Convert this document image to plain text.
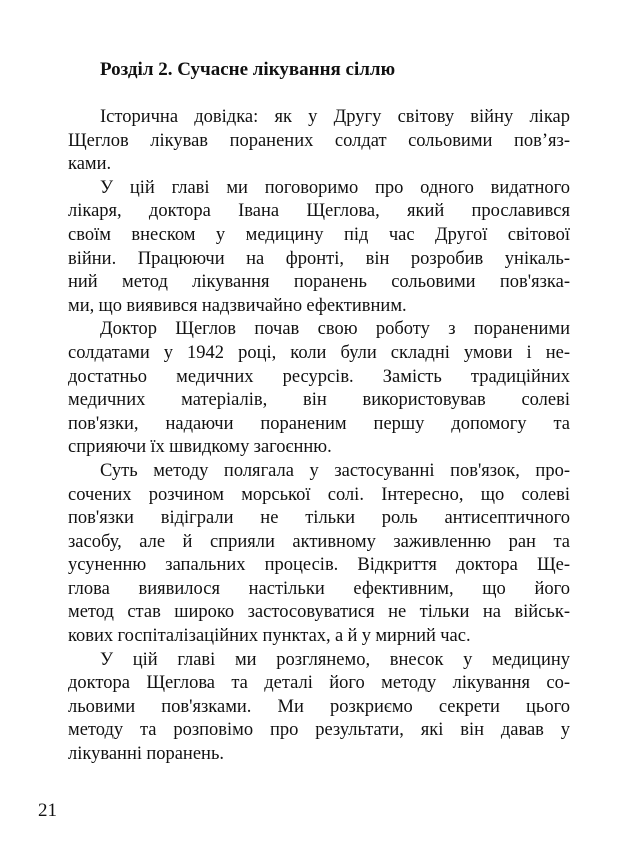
Розділ 2. Сучасне лікування сіллю

Історична довідка: як у Другу світову війну лікар
Щеглов лікував поранених солдат сольовими пов’яз-
ками.

У цій главі ми поговоримо про одного видатного
лікаря, доктора Івана Щеглова, який прославився
своїм внеском у медицину під час Другої світової
війни. Працюючи на фронті, він розробив унікаль-
ний метод лікування поранень сольовими пов'язка-
ми, що виявився надзвичайно ефективним.

Доктор Щеглов почав свою роботу з пораненими
солдатами у 1942 році, коли були складні умови і не-
достатньо медичних ресурсів. Замість традиційних
медичних матеріалів, він використовував солеві
пов'язки, надаючи пораненим першу допомогу та
сприяючи їх швидкому загоєнню.

Суть методу полягала у застосуванні пов'язок, про-
сочених розчином морської солі. Інтересно, що солеві
пов'язки відіграли не тільки роль антисептичного
засобу, але й сприяли активному заживленню ран та
усуненню запальних процесів. Відкриття доктора Ще-
глова виявилося настільки ефективним, що його
метод став широко застосовуватися не тільки на військ-
кових госпіталізаційних пунктах, а й у мирний час.

У цій главі ми розглянемо, внесок у медицину
доктора Щеглова та деталі його методу лікування со-
льовими пов'язками. Ми розкриємо секрети цього
методу та розповімо про результати, які він давав у
лікуванні поранень.

21
